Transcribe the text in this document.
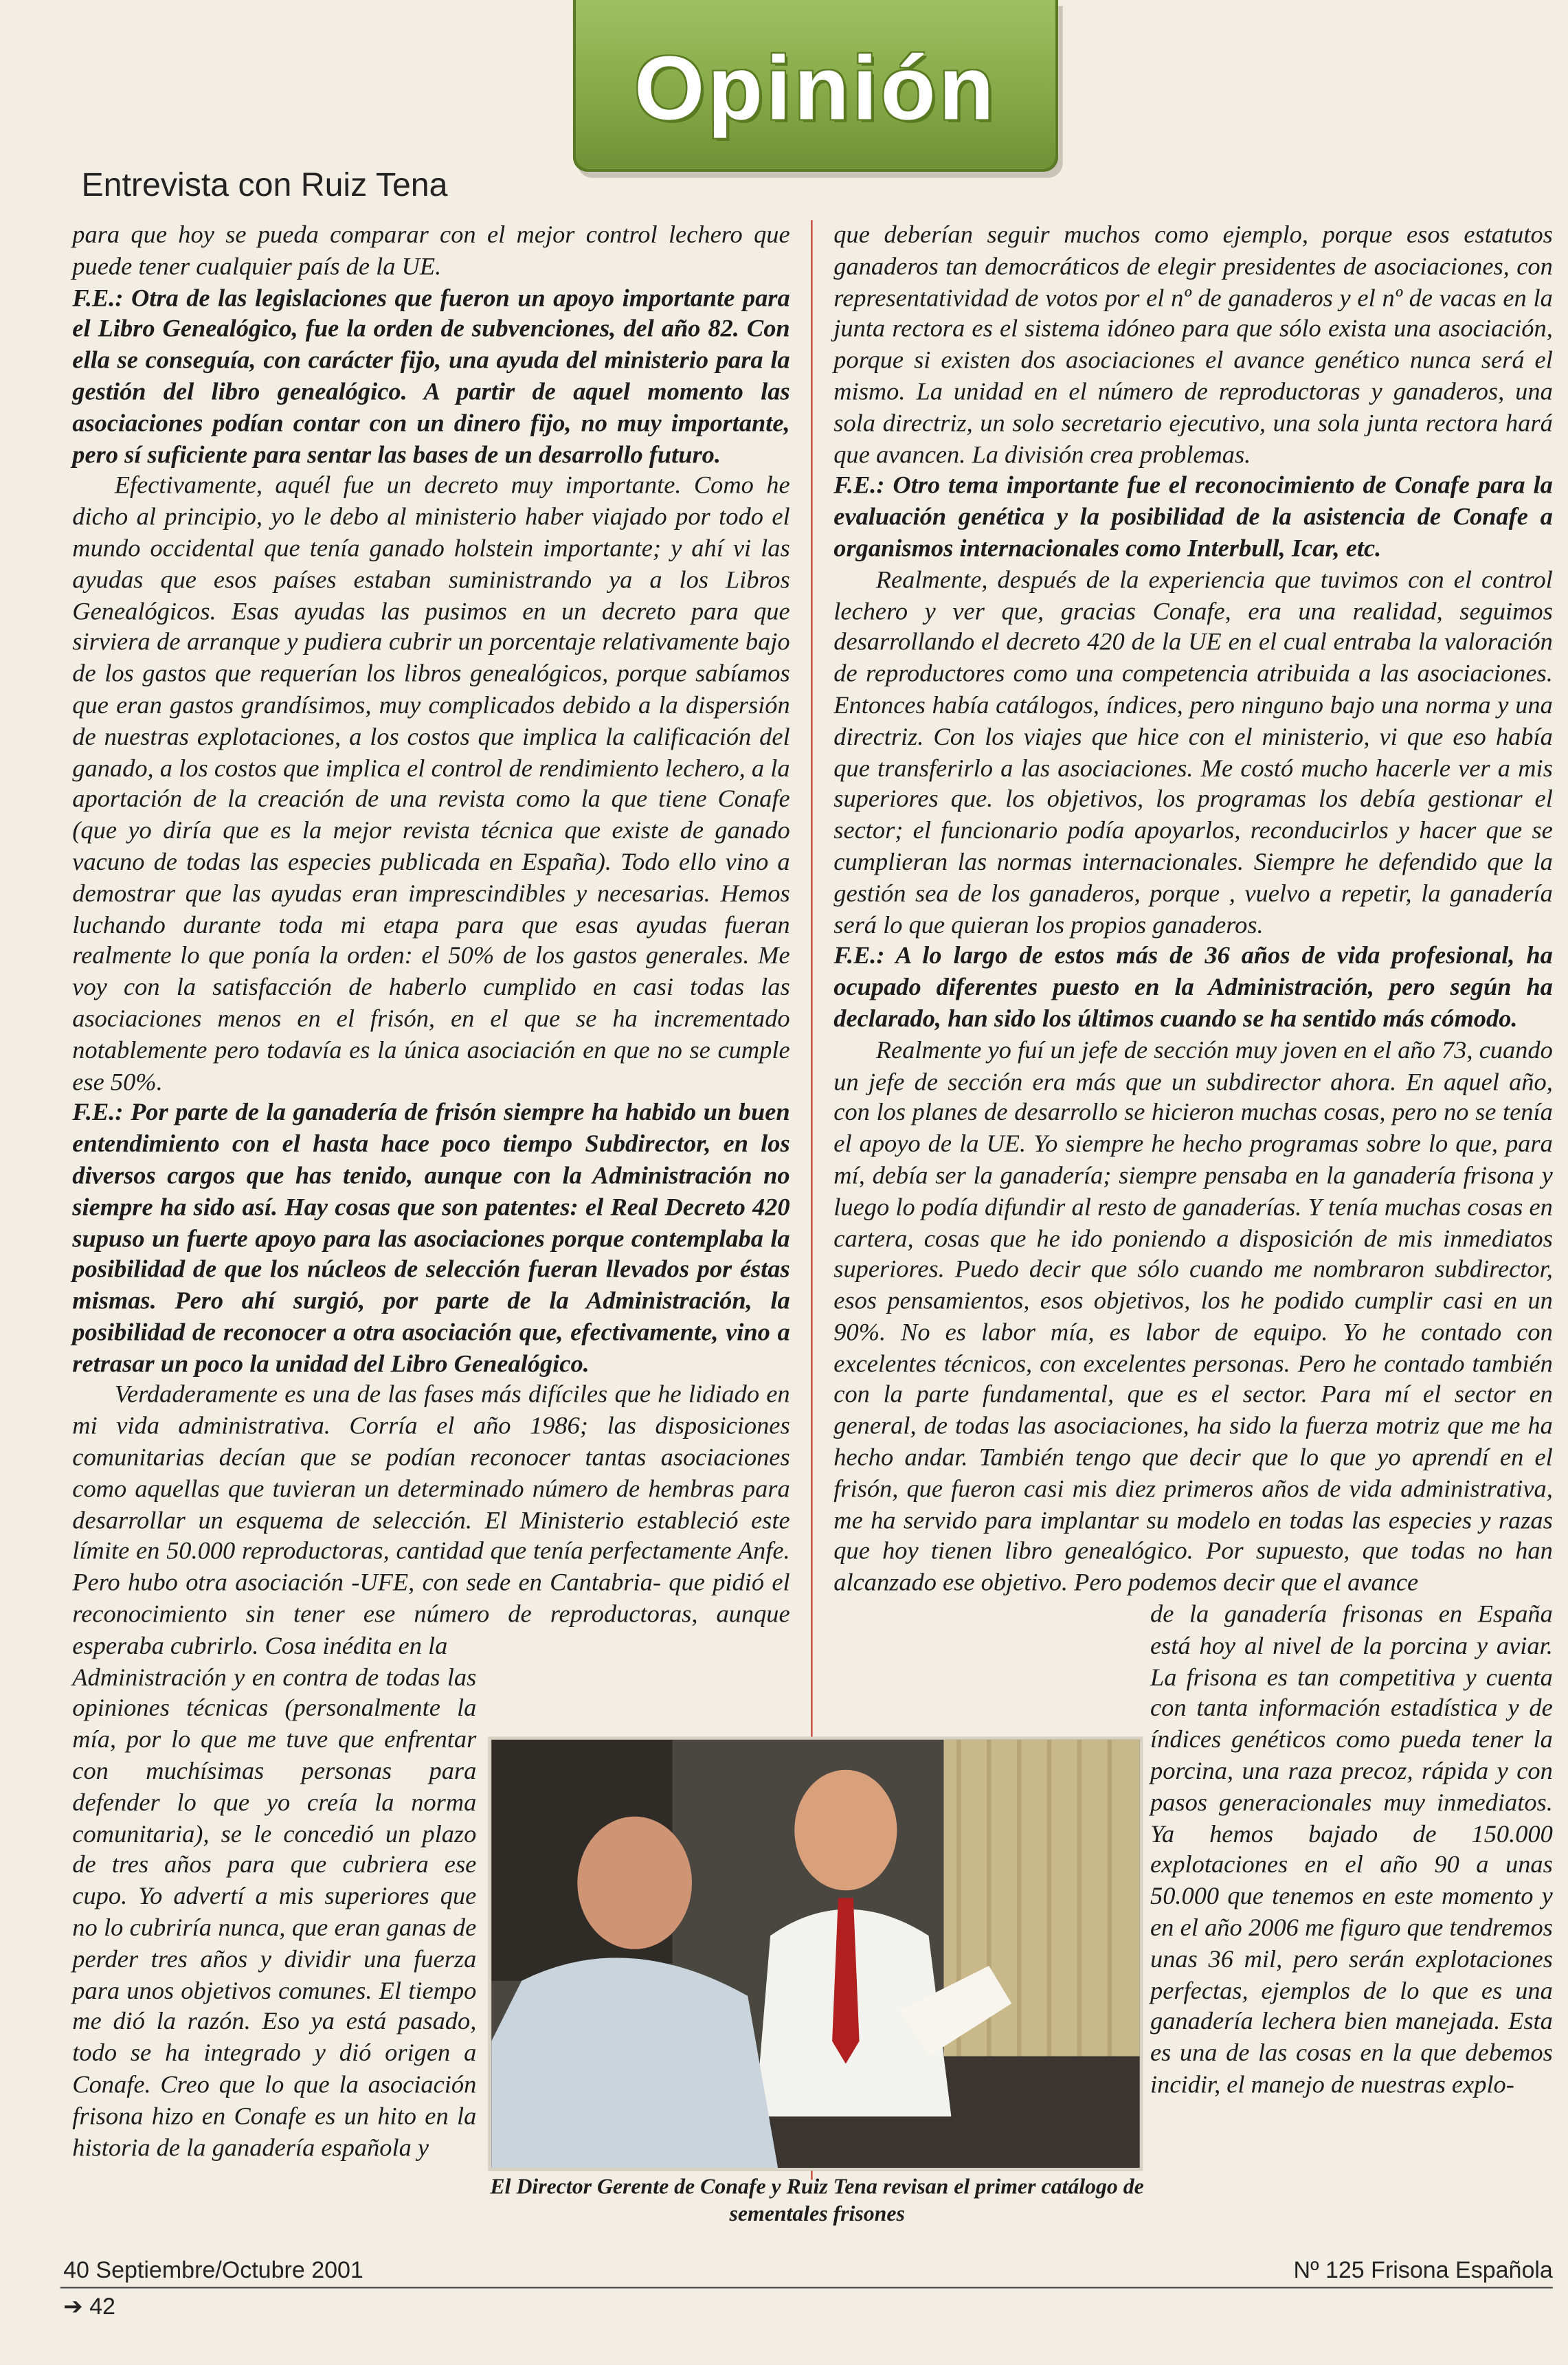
Opinión
Entrevista con Ruiz Tena

para que hoy se pueda comparar con el mejor control lechero que puede tener cualquier país de la UE.

F.E.: Otra de las legislaciones que fueron un apoyo importante para el Libro Genealógico, fue la orden de subvenciones, del año 82. Con ella se conseguía, con carácter fijo, una ayuda del ministerio para la gestión del libro genealógico. A partir de aquel momento las asociaciones podían contar con un dinero fijo, no muy importante, pero sí suficiente para sentar las bases de un desarrollo futuro.

Efectivamente, aquél fue un decreto muy importante. Como he dicho al principio, yo le debo al ministerio haber viajado por todo el mundo occidental que tenía ganado holstein importante; y ahí vi las ayudas que esos países estaban suministrando ya a los Libros Genealógicos. Esas ayudas las pusimos en un decreto para que sirviera de arranque y pudiera cubrir un porcentaje relativamente bajo de los gastos que requerían los libros genealógicos, porque sabíamos que eran gastos grandísimos, muy complicados debido a la dispersión de nuestras explotaciones, a los costos que implica la calificación del ganado, a los costos que implica el control de rendimiento lechero, a la aportación de la creación de una revista como la que tiene Conafe (que yo diría que es la mejor revista técnica que existe de ganado vacuno de todas las especies publicada en España). Todo ello vino a demostrar que las ayudas eran imprescindibles y necesarias. Hemos luchando durante toda mi etapa para que esas ayudas fueran realmente lo que ponía la orden: el 50% de los gastos generales. Me voy con la satisfacción de haberlo cumplido en casi todas las asociaciones menos en el frisón, en el que se ha incrementado notablemente pero todavía es la única asociación en que no se cumple ese 50%.

F.E.: Por parte de la ganadería de frisón siempre ha habido un buen entendimiento con el hasta hace poco tiempo Subdirector, en los diversos cargos que has tenido, aunque con la Administración no siempre ha sido así. Hay cosas que son patentes: el Real Decreto 420 supuso un fuerte apoyo para las asociaciones porque contemplaba la posibilidad de que los núcleos de selección fueran llevados por éstas mismas. Pero ahí surgió, por parte de la Administración, la posibilidad de reconocer a otra asociación que, efectivamente, vino a retrasar un poco la unidad del Libro Genealógico.

Verdaderamente es una de las fases más difíciles que he lidiado en mi vida administrativa. Corría el año 1986; las disposiciones comunitarias decían que se podían reconocer tantas asociaciones como aquellas que tuvieran un determinado número de hembras para desarrollar un esquema de selección. El Ministerio estableció este límite en 50.000 reproductoras, cantidad que tenía perfectamente Anfe. Pero hubo otra asociación -UFE, con sede en Cantabria- que pidió el reconocimiento sin tener ese número de reproductoras, aunque esperaba cubrirlo. Cosa inédita en la

Administración y en contra de todas las opiniones técnicas (personalmente la mía, por lo que me tuve que enfrentar con muchísimas personas para defender lo que yo creía la norma comunitaria), se le concedió un plazo de tres años para que cubriera ese cupo. Yo advertí a mis superiores que no lo cubriría nunca, que eran ganas de perder tres años y dividir una fuerza para unos objetivos comunes. El tiempo me dió la razón. Eso ya está pasado, todo se ha integrado y dió origen a Conafe. Creo que lo que la asociación frisona hizo en Conafe es un hito en la historia de la ganadería española y

que deberían seguir muchos como ejemplo, porque esos estatutos ganaderos tan democráticos de elegir presidentes de asociaciones, con representatividad de votos por el nº de ganaderos y el nº de vacas en la junta rectora es el sistema idóneo para que sólo exista una asociación, porque si existen dos asociaciones el avance genético nunca será el mismo. La unidad en el número de reproductoras y ganaderos, una sola directriz, un solo secretario ejecutivo, una sola junta rectora hará que avancen. La división crea problemas.

F.E.: Otro tema importante fue el reconocimiento de Conafe para la evaluación genética y la posibilidad de la asistencia de Conafe a organismos internacionales como Interbull, Icar, etc.

Realmente, después de la experiencia que tuvimos con el control lechero y ver que, gracias Conafe, era una realidad, seguimos desarrollando el decreto 420 de la UE en el cual entraba la valoración de reproductores como una competencia atribuida a las asociaciones. Entonces había catálogos, índices, pero ninguno bajo una norma y una directriz. Con los viajes que hice con el ministerio, vi que eso había que transferirlo a las asociaciones. Me costó mucho hacerle ver a mis superiores que. los objetivos, los programas los debía gestionar el sector; el funcionario podía apoyarlos, reconducirlos y hacer que se cumplieran las normas internacionales. Siempre he defendido que la gestión sea de los ganaderos, porque , vuelvo a repetir, la ganadería será lo que quieran los propios ganaderos.

F.E.: A lo largo de estos más de 36 años de vida profesional, ha ocupado diferentes puesto en la Administración, pero según ha declarado, han sido los últimos cuando se ha sentido más cómodo.

Realmente yo fuí un jefe de sección muy joven en el año 73, cuando un jefe de sección era más que un subdirector ahora. En aquel año, con los planes de desarrollo se hicieron muchas cosas, pero no se tenía el apoyo de la UE. Yo siempre he hecho programas sobre lo que, para mí, debía ser la ganadería; siempre pensaba en la ganadería frisona y luego lo podía difundir al resto de ganaderías. Y tenía muchas cosas en cartera, cosas que he ido poniendo a disposición de mis inmediatos superiores. Puedo decir que sólo cuando me nombraron subdirector, esos pensamientos, esos objetivos, los he podido cumplir casi en un 90%. No es labor mía, es labor de equipo. Yo he contado con excelentes técnicos, con excelentes personas. Pero he contado también con la parte fundamental, que es el sector. Para mí el sector en general, de todas las asociaciones, ha sido la fuerza motriz que me ha hecho andar. También tengo que decir que lo que yo aprendí en el frisón, que fueron casi mis diez primeros años de vida administrativa, me ha servido para implantar su modelo en todas las especies y razas que hoy tienen libro genealógico. Por supuesto, que todas no han alcanzado ese objetivo. Pero podemos decir que el avance

de la ganadería frisonas en España está hoy al nivel de la porcina y aviar. La frisona es tan competitiva y cuenta con tanta información estadística y de índices genéticos como pueda tener la porcina, una raza precoz, rápida y con pasos generacionales muy inmediatos. Ya hemos bajado de 150.000 explotaciones en el año 90 a unas 50.000 que tenemos en este momento y en el año 2006 me figuro que tendremos unas 36 mil, pero serán explotaciones perfectas, ejemplos de lo que es una ganadería lechera bien manejada. Esta es una de las cosas en la que debemos incidir, el manejo de nuestras explo-

El Director Gerente de Conafe y Ruiz Tena revisan el primer catálogo de sementales frisones
40 Septiembre/Octubre 2001	Nº 125 Frisona Española
➔ 42
